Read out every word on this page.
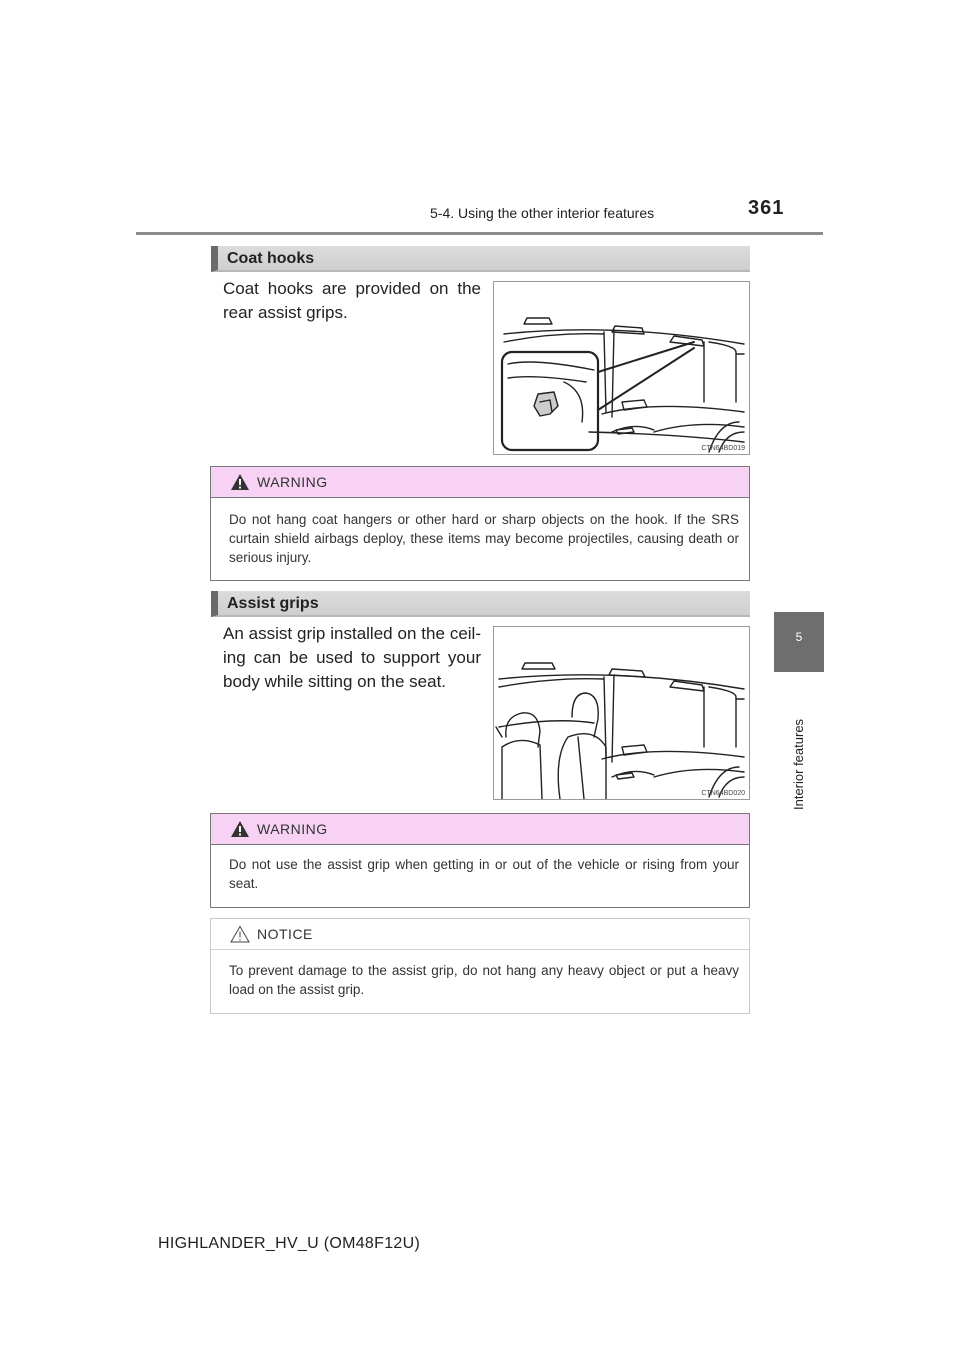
5-4. Using the other interior features	361
5
Interior features
Coat hooks
Coat hooks are provided on the rear assist grips.
CTN64BD019
WARNING
Do not hang coat hangers or other hard or sharp objects on the hook. If the SRS curtain shield airbags deploy, these items may become projectiles, causing death or serious injury.
Assist grips
An assist grip installed on the ceil-ing can be used to support your body while sitting on the seat.
CTN64BD020
WARNING
Do not use the assist grip when getting in or out of the vehicle or rising from your seat.
NOTICE
To prevent damage to the assist grip, do not hang any heavy object or put a heavy load on the assist grip.
HIGHLANDER_HV_U (OM48F12U)
